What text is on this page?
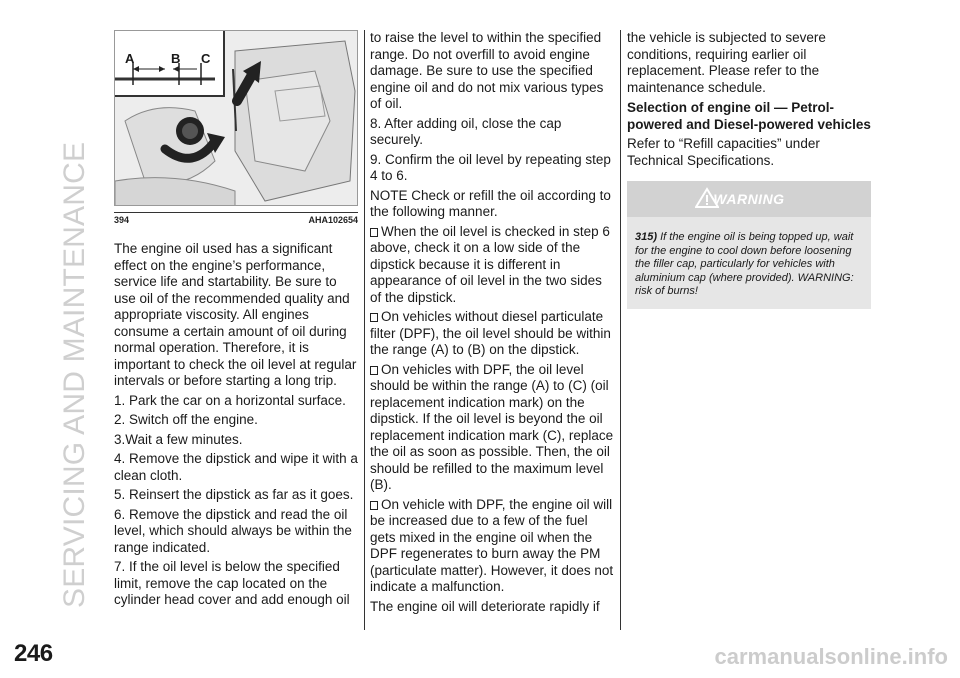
SERVICING AND MAINTENANCE
A	B C
394	AHA102654

The engine oil used has a significant effect on the engine’s performance, service life and startability. Be sure to use oil of the recommended quality and appropriate viscosity. All engines consume a certain amount of oil during normal operation. Therefore, it is important to check the oil level at regular intervals or before starting a long trip.

1. Park the car on a horizontal surface.

2. Switch off the engine.

3.Wait a few minutes.

4. Remove the dipstick and wipe it with a clean cloth.

5. Reinsert the dipstick as far as it goes.

6. Remove the dipstick and read the oil level, which should always be within the range indicated.

7. If the oil level is below the specified limit, remove the cap located on the cylinder head cover and add enough oil

to raise the level to within the specified range. Do not overfill to avoid engine damage. Be sure to use the specified engine oil and do not mix various types of oil.

8. After adding oil, close the cap securely.

9. Confirm the oil level by repeating step 4 to 6.

NOTE Check or refill the oil according to the following manner.

When the oil level is checked in step 6 above, check it on a low side of the dipstick because it is different in appearance of oil level in the two sides of the dipstick.

On vehicles without diesel particulate filter (DPF), the oil level should be within the range (A) to (B) on the dipstick.

On vehicles with DPF, the oil level should be within the range (A) to (C) (oil replacement indication mark) on the dipstick. If the oil level is beyond the oil replacement indication mark (C), replace the oil as soon as possible. Then, the oil should be refilled to the maximum level (B).

On vehicle with DPF, the engine oil will be increased due to a few of the fuel gets mixed in the engine oil when the DPF regenerates to burn away the PM (particulate matter). However, it does not indicate a malfunction.

The engine oil will deteriorate rapidly if

the vehicle is subjected to severe conditions, requiring earlier oil replacement. Please refer to the maintenance schedule.

Selection of engine oil — Petrol-powered and Diesel-powered vehicles

Refer to “Refill capacities” under Technical Specifications.

WARNING
315) If the engine oil is being topped up, wait for the engine to cool down before loosening the filler cap, particularly for vehicles with aluminium cap (where provided). WARNING: risk of burns!
246	carmanualsonline.info
